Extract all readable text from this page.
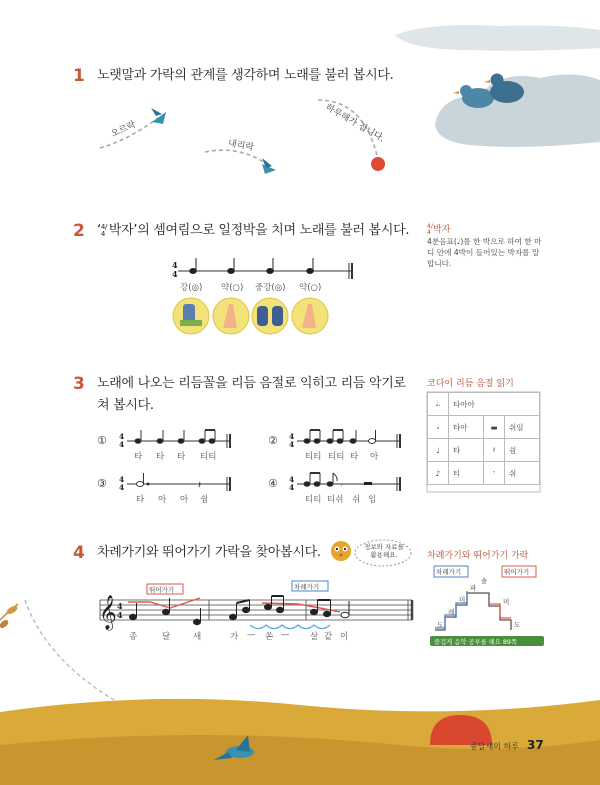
4
4
𝄽	𝄾
4
4
4
4
4
4
4
4
𝄞 4
4
1 노랫말과 가락의 관계를 생각하며 노래를 불러 봅시다.
오르락
내리락
하루해가 집니다.
2 ‘4/4 박자’의 셈여림으로 일정박을 치며 노래를 불러 봅시다.
강(◎) 약(○) 중강(◎) 약(○)
4/4 박자
4분음표(♩)를 한 박으로 하여 한 마디 안에 4박이 들어있는 박자를 말합니다.
3 노래에 나오는 리듬꼴을 리듬 음절로 익히고 리듬 악기로
쳐 봅시다.
①	②
③	④
타 타 타 티티	티티 티티 타 아
타 아 아 쉼	티티 티쉬 쉬 임
코다이 리듬 음절 읽기
𝅗𝅥.	타아아		
𝅗𝅥	타아	▬	쉬임
♩	타	𝄽	쉼
♪	티	𝄾	쉬
4 차례가기와 뛰어가기 가락을 찾아봅시다.	정보와 자료를 활용해요.
뛰어가기	차례가기
종	달	새	가 — 쏜 — 살 같 이
차례가기와 뛰어가기 가락
차례가기	뛰어가기
도
레
미
파
솔
미
도
즐겁게 음악 공부를 해요 89쪽
종달새의 하루 37
